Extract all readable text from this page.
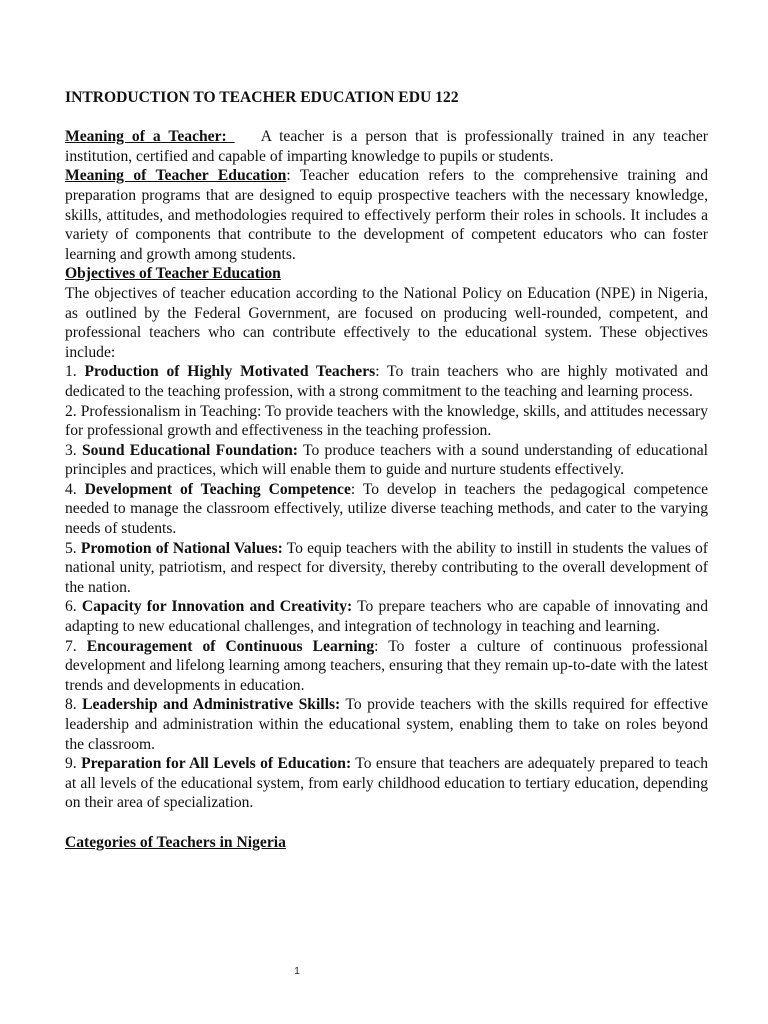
INTRODUCTION TO TEACHER EDUCATION EDU 122

Meaning of a Teacher: A teacher is a person that is professionally trained in any teacher institution, certified and capable of imparting knowledge to pupils or students.

Meaning of Teacher Education: Teacher education refers to the comprehensive training and preparation programs that are designed to equip prospective teachers with the necessary knowledge, skills, attitudes, and methodologies required to effectively perform their roles in schools. It includes a variety of components that contribute to the development of competent educators who can foster learning and growth among students.

Objectives of Teacher Education

The objectives of teacher education according to the National Policy on Education (NPE) in Nigeria, as outlined by the Federal Government, are focused on producing well-rounded, competent, and professional teachers who can contribute effectively to the educational system. These objectives include:

1. Production of Highly Motivated Teachers: To train teachers who are highly motivated and dedicated to the teaching profession, with a strong commitment to the teaching and learning process.

2. Professionalism in Teaching: To provide teachers with the knowledge, skills, and attitudes necessary for professional growth and effectiveness in the teaching profession.

3. Sound Educational Foundation: To produce teachers with a sound understanding of educational principles and practices, which will enable them to guide and nurture students effectively.

4. Development of Teaching Competence: To develop in teachers the pedagogical competence needed to manage the classroom effectively, utilize diverse teaching methods, and cater to the varying needs of students.

5. Promotion of National Values: To equip teachers with the ability to instill in students the values of national unity, patriotism, and respect for diversity, thereby contributing to the overall development of the nation.

6. Capacity for Innovation and Creativity: To prepare teachers who are capable of innovating and adapting to new educational challenges, and integration of technology in teaching and learning.

7. Encouragement of Continuous Learning: To foster a culture of continuous professional development and lifelong learning among teachers, ensuring that they remain up-to-date with the latest trends and developments in education.

8. Leadership and Administrative Skills: To provide teachers with the skills required for effective leadership and administration within the educational system, enabling them to take on roles beyond the classroom.

9. Preparation for All Levels of Education: To ensure that teachers are adequately prepared to teach at all levels of the educational system, from early childhood education to tertiary education, depending on their area of specialization.

Categories of Teachers in Nigeria

1
